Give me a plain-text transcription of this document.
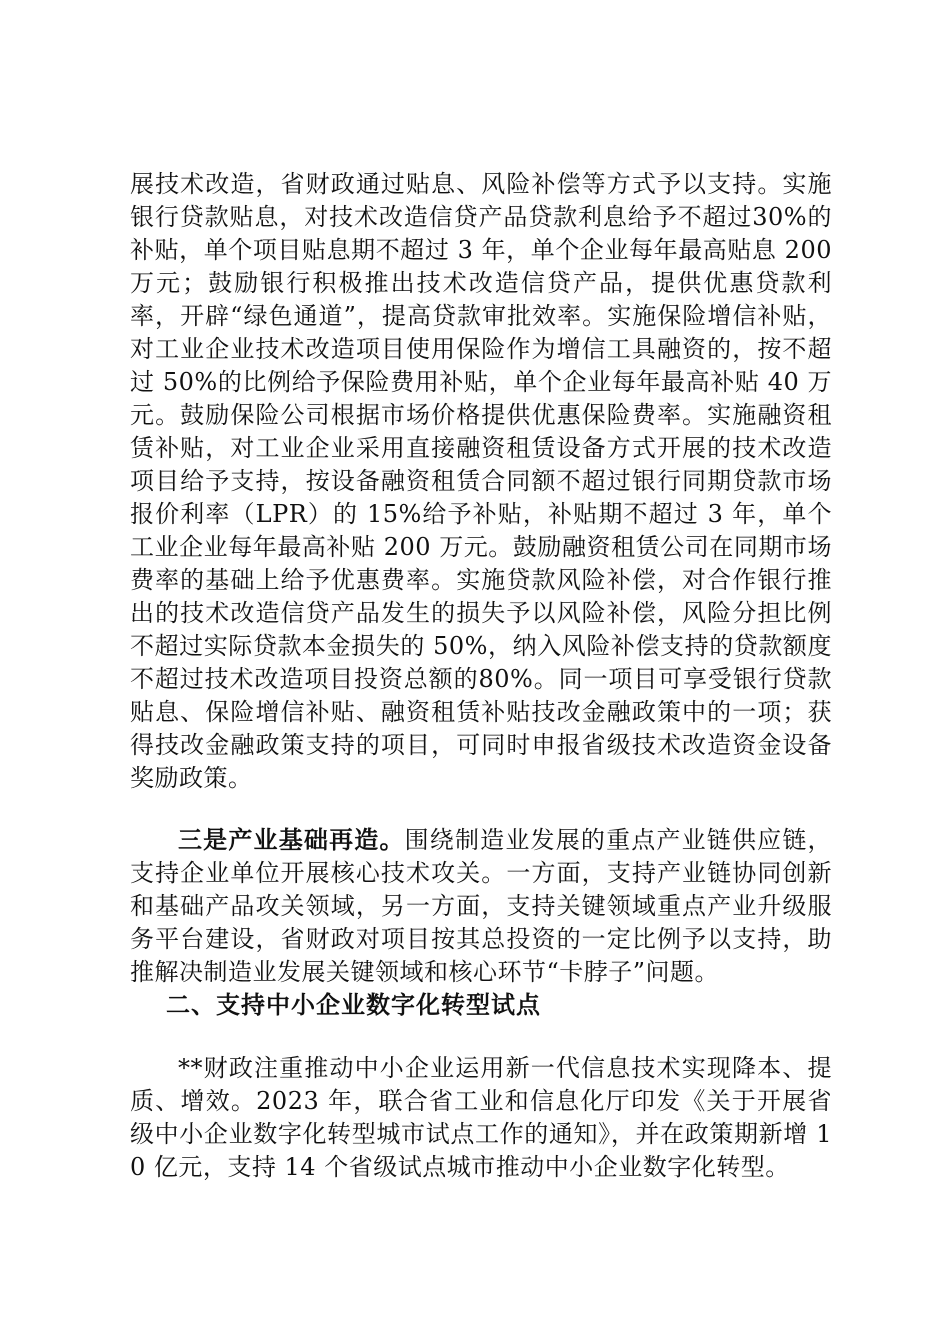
展技术改造，省财政通过贴息、风险补偿等方式予以支持。实施银行贷款贴息，对技术改造信贷产品贷款利息给予不超过30%的补贴，单个项目贴息期不超过 3 年，单个企业每年最高贴息 200 万元；鼓励银行积极推出技术改造信贷产品，提供优惠贷款利率，开辟“绿色通道”，提高贷款审批效率。实施保险增信补贴，对工业企业技术改造项目使用保险作为增信工具融资的，按不超过 50%的比例给予保险费用补贴，单个企业每年最高补贴 40 万元。鼓励保险公司根据市场价格提供优惠保险费率。实施融资租赁补贴，对工业企业采用直接融资租赁设备方式开展的技术改造项目给予支持，按设备融资租赁合同额不超过银行同期贷款市场报价利率（LPR）的 15%给予补贴，补贴期不超过 3 年，单个工业企业每年最高补贴 200 万元。鼓励融资租赁公司在同期市场费率的基础上给予优惠费率。实施贷款风险补偿，对合作银行推出的技术改造信贷产品发生的损失予以风险补偿，风险分担比例不超过实际贷款本金损失的 50%，纳入风险补偿支持的贷款额度不超过技术改造项目投资总额的80%。同一项目可享受银行贷款贴息、保险增信补贴、融资租赁补贴技改金融政策中的一项；获得技改金融政策支持的项目，可同时申报省级技术改造资金设备奖励政策。

三是产业基础再造。围绕制造业发展的重点产业链供应链，支持企业单位开展核心技术攻关。一方面，支持产业链协同创新和基础产品攻关领域，另一方面，支持关键领域重点产业升级服务平台建设，省财政对项目按其总投资的一定比例予以支持，助推解决制造业发展关键领域和核心环节“卡脖子”问题。

二、支持中小企业数字化转型试点

**财政注重推动中小企业运用新一代信息技术实现降本、提质、增效。2023 年，联合省工业和信息化厅印发《关于开展省级中小企业数字化转型城市试点工作的通知》，并在政策期新增 10 亿元，支持 14 个省级试点城市推动中小企业数字化转型。
